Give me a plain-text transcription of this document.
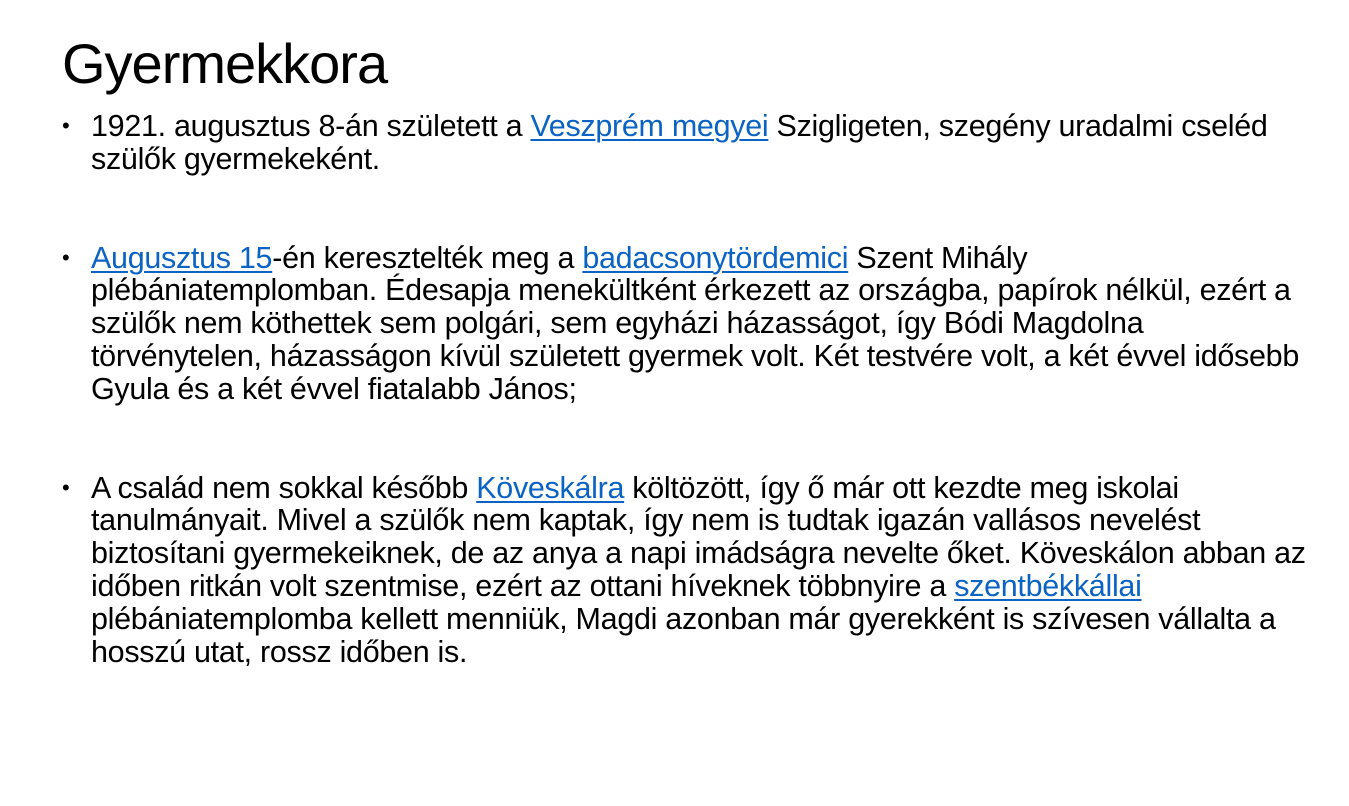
Gyermekkora
• 1921. augusztus 8-án született a Veszprém megyei Szigligeten, szegény uradalmi cseléd szülők gyermekeként.
• Augusztus 15-én keresztelték meg a badacsonytördemici Szent Mihály plébániatemplomban. Édesapja menekültként érkezett az országba, papírok nélkül, ezért a szülők nem köthettek sem polgári, sem egyházi házasságot, így Bódi Magdolna törvénytelen, házasságon kívül született gyermek volt. Két testvére volt, a két évvel idősebb Gyula és a két évvel fiatalabb János;
• A család nem sokkal később Köveskálra költözött, így ő már ott kezdte meg iskolai tanulmányait. Mivel a szülők nem kaptak, így nem is tudtak igazán vallásos nevelést biztosítani gyermekeiknek, de az anya a napi imádságra nevelte őket. Köveskálon abban az időben ritkán volt szentmise, ezért az ottani híveknek többnyire a szentbékkállai plébániatemplomba kellett menniük, Magdi azonban már gyerekként is szívesen vállalta a hosszú utat, rossz időben is.
